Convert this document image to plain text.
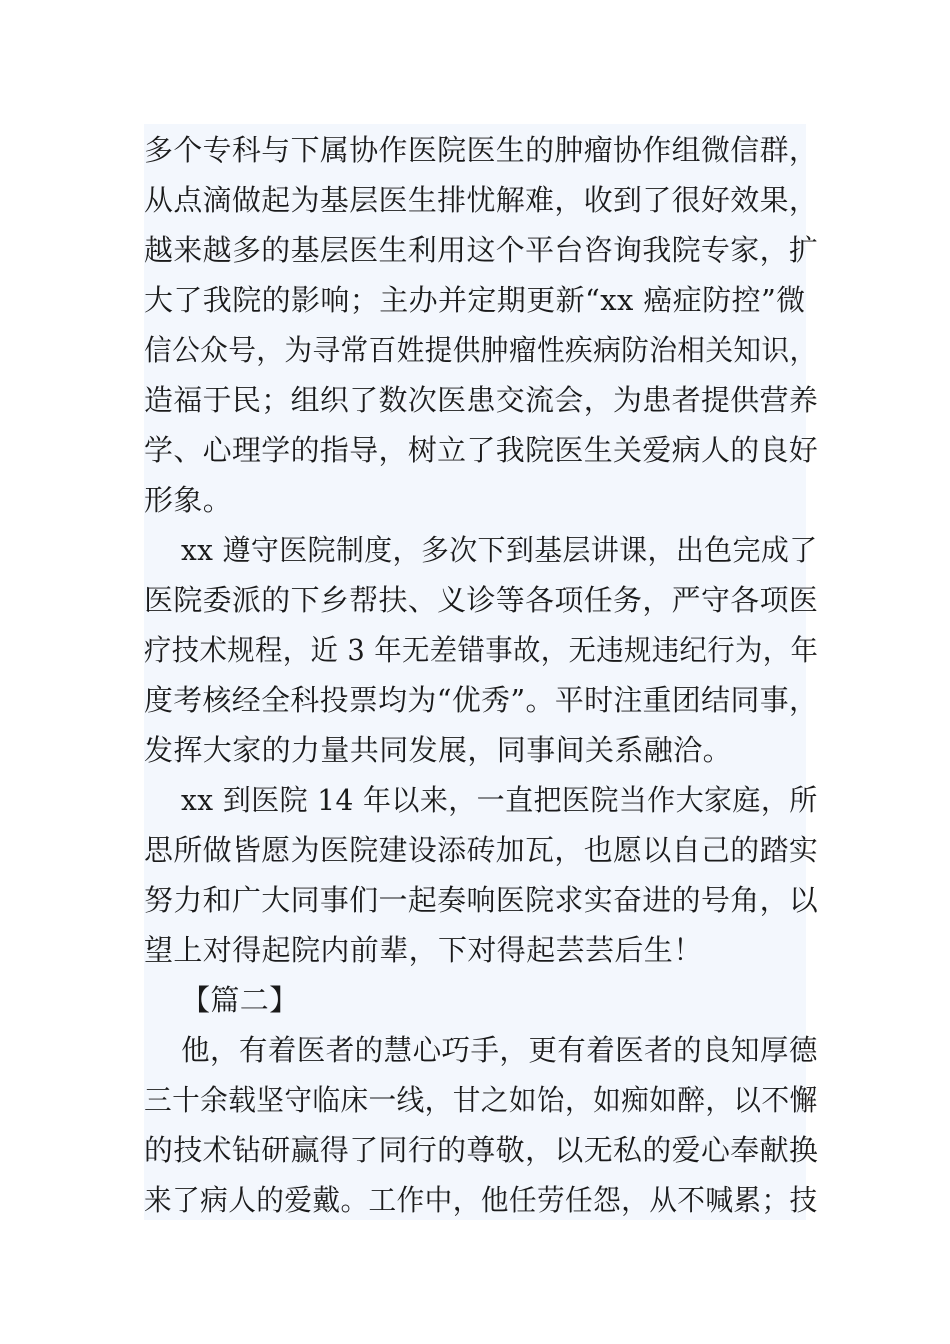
多个专科与下属协作医院医生的肿瘤协作组微信群，
从点滴做起为基层医生排忧解难，收到了很好效果，
越来越多的基层医生利用这个平台咨询我院专家，扩
大了我院的影响；主办并定期更新“xx 癌症防控”微
信公众号，为寻常百姓提供肿瘤性疾病防治相关知识，
造福于民；组织了数次医患交流会，为患者提供营养
学、心理学的指导，树立了我院医生关爱病人的良好
形象。
xx 遵守医院制度，多次下到基层讲课，出色完成了
医院委派的下乡帮扶、义诊等各项任务，严守各项医
疗技术规程，近 3 年无差错事故，无违规违纪行为，年
度考核经全科投票均为“优秀”。平时注重团结同事，
发挥大家的力量共同发展，同事间关系融洽。
xx 到医院 14 年以来，一直把医院当作大家庭，所
思所做皆愿为医院建设添砖加瓦，也愿以自己的踏实
努力和广大同事们一起奏响医院求实奋进的号角，以
望上对得起院内前辈，下对得起芸芸后生！
【篇二】
他，有着医者的慧心巧手，更有着医者的良知厚德
三十余载坚守临床一线，甘之如饴，如痴如醉，以不懈
的技术钻研赢得了同行的尊敬，以无私的爱心奉献换
来了病人的爱戴。工作中，他任劳任怨，从不喊累；技
